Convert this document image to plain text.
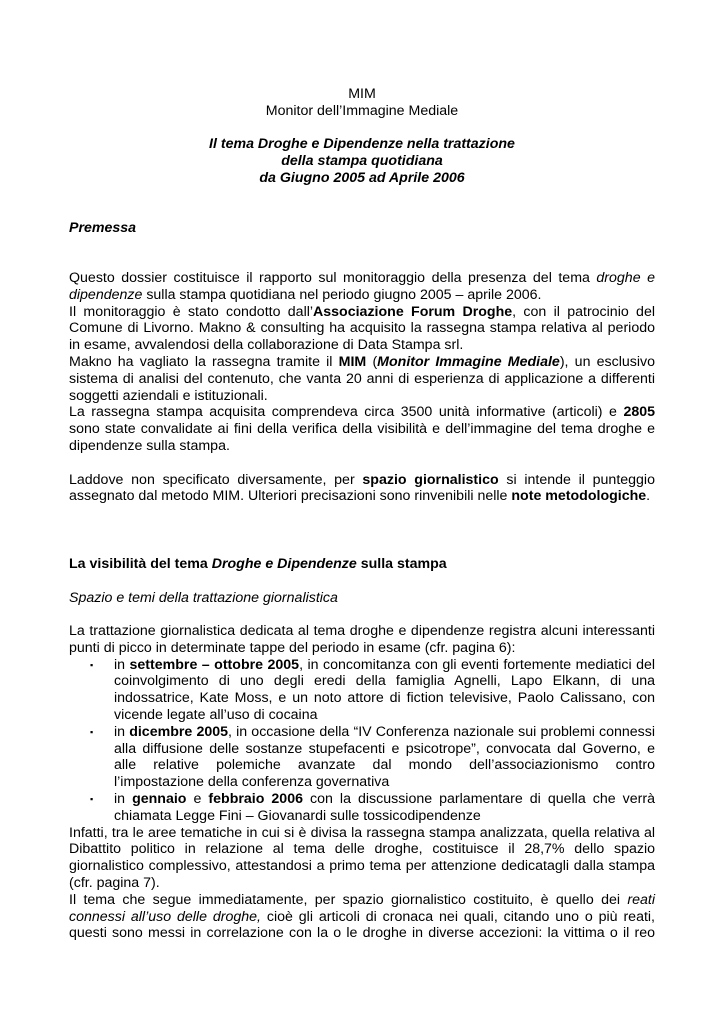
MIM
Monitor dell’Immagine Mediale
Il tema Droghe e Dipendenze nella trattazione
della stampa quotidiana
da Giugno 2005 ad Aprile 2006
Premessa
Questo dossier costituisce il rapporto sul monitoraggio della presenza del tema droghe e dipendenze sulla stampa quotidiana nel periodo giugno 2005 – aprile 2006.
Il monitoraggio è stato condotto dall’Associazione Forum Droghe, con il patrocinio del Comune di Livorno. Makno & consulting ha acquisito la rassegna stampa relativa al periodo in esame, avvalendosi della collaborazione di Data Stampa srl.
Makno ha vagliato la rassegna tramite il MIM (Monitor Immagine Mediale), un esclusivo sistema di analisi del contenuto, che vanta 20 anni di esperienza di applicazione a differenti soggetti aziendali e istituzionali.
La rassegna stampa acquisita comprendeva circa 3500 unità informative (articoli) e 2805 sono state convalidate ai fini della verifica della visibilità e dell’immagine del tema droghe e dipendenze sulla stampa.
Laddove non specificato diversamente, per spazio giornalistico si intende il punteggio assegnato dal metodo MIM. Ulteriori precisazioni sono rinvenibili nelle note metodologiche.
La visibilità del tema Droghe e Dipendenze sulla stampa
Spazio e temi della trattazione giornalistica
La trattazione giornalistica dedicata al tema droghe e dipendenze registra alcuni interessanti punti di picco in determinate tappe del periodo in esame (cfr. pagina 6):
▪ in settembre – ottobre 2005, in concomitanza con gli eventi fortemente mediatici del coinvolgimento di uno degli eredi della famiglia Agnelli, Lapo Elkann, di una indossatrice, Kate Moss, e un noto attore di fiction televisive, Paolo Calissano, con vicende legate all’uso di cocaina
▪ in dicembre 2005, in occasione della “IV Conferenza nazionale sui problemi connessi alla diffusione delle sostanze stupefacenti e psicotrope”, convocata dal Governo, e alle relative polemiche avanzate dal mondo dell’associazionismo contro l’impostazione della conferenza governativa
▪ in gennaio e febbraio 2006 con la discussione parlamentare di quella che verrà chiamata Legge Fini – Giovanardi sulle tossicodipendenze
Infatti, tra le aree tematiche in cui si è divisa la rassegna stampa analizzata, quella relativa al Dibattito politico in relazione al tema delle droghe, costituisce il 28,7% dello spazio giornalistico complessivo, attestandosi a primo tema per attenzione dedicatagli dalla stampa (cfr. pagina 7).
Il tema che segue immediatamente, per spazio giornalistico costituito, è quello dei reati connessi all’uso delle droghe, cioè gli articoli di cronaca nei quali, citando uno o più reati, questi sono messi in correlazione con la o le droghe in diverse accezioni: la vittima o il reo
